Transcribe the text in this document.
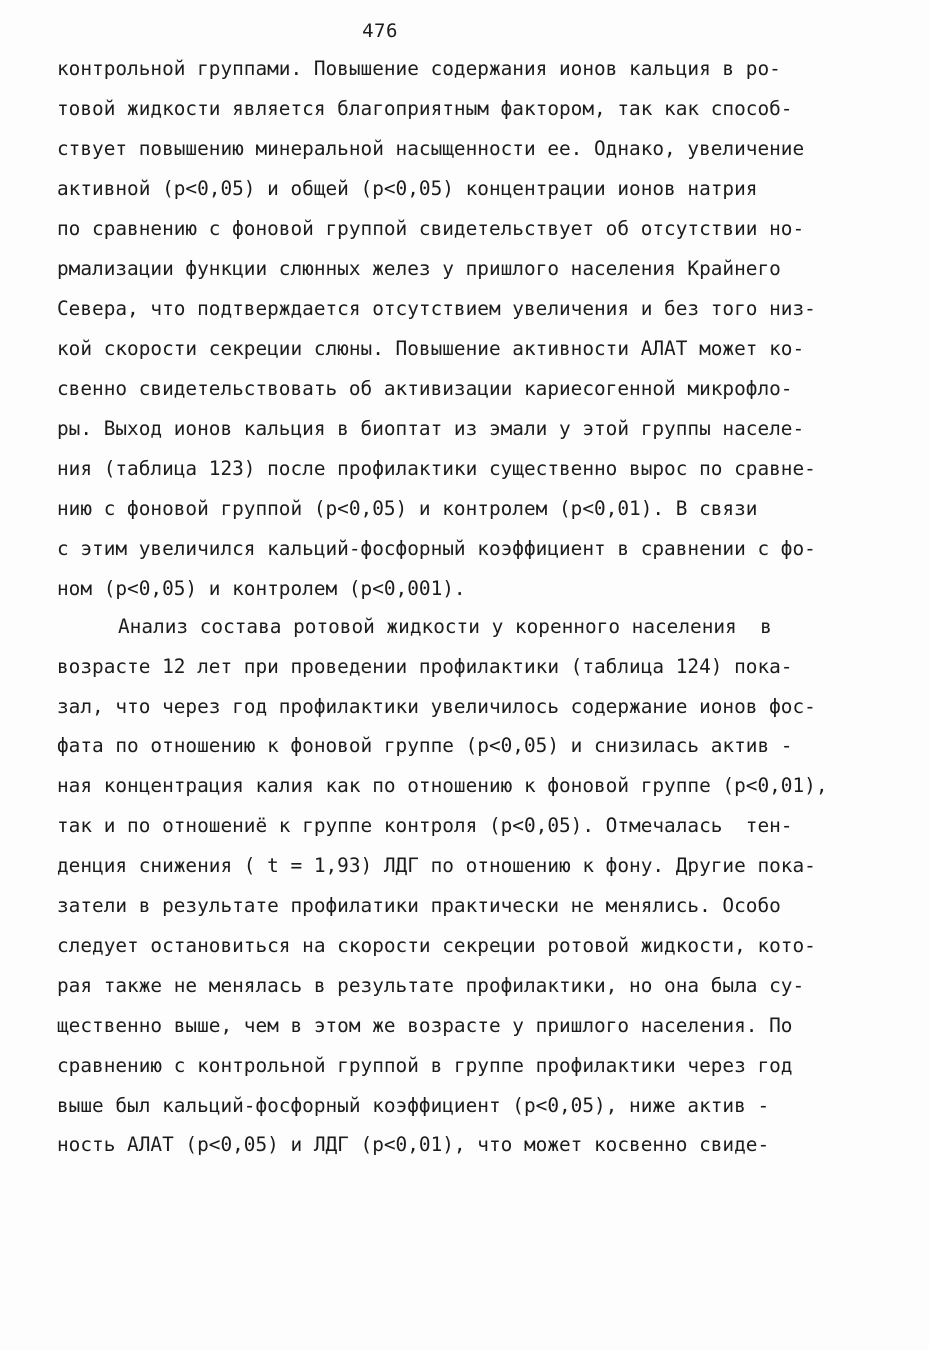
476
контрольной группами. Повышение содержания ионов кальция в ро-
товой жидкости является благоприятным фактором, так как способ-
ствует повышению минеральной насыщенности ее. Однако, увеличение
активной (р<0,05) и общей (р<0,05) концентрации ионов натрия
по сравнению с фоновой группой свидетельствует об отсутствии но-
рмализации функции слюнных желез у пришлого населения Крайнего
Севера, что подтверждается отсутствием увеличения и без того низ-
кой скорости секреции слюны. Повышение активности АЛАТ может ко-
свенно свидетельствовать об активизации кариесогенной микрофло-
ры. Выход ионов кальция в биоптат из эмали у этой группы населе-
ния (таблица 123) после профилактики существенно вырос по сравне-
нию с фоновой группой (р<0,05) и контролем (р<0,01). В связи
с этим увеличился кальций-фосфорный коэффициент в сравнении с фо-
ном (р<0,05) и контролем (р<0,001).
Анализ состава ротовой жидкости у коренного населения  в
возрасте 12 лет при проведении профилактики (таблица 124) пока-
зал, что через год профилактики увеличилось содержание ионов фос-
фата по отношению к фоновой группе (р<0,05) и снизилась актив -
ная концентрация калия как по отношению к фоновой группе (р<0,01),
так и по отношениё к группе контроля (р<0,05). Отмечалась  тен-
денция снижения ( t = 1,93) ЛДГ по отношению к фону. Другие пока-
затели в результате профилатики практически не менялись. Особо
следует остановиться на скорости секреции ротовой жидкости, кото-
рая также не менялась в результате профилактики, но она была су-
щественно выше, чем в этом же возрасте у пришлого населения. По
сравнению с контрольной группой в группе профилактики через год
выше был кальций-фосфорный коэффициент (р<0,05), ниже актив -
ность АЛАТ (р<0,05) и ЛДГ (р<0,01), что может косвенно свиде-
